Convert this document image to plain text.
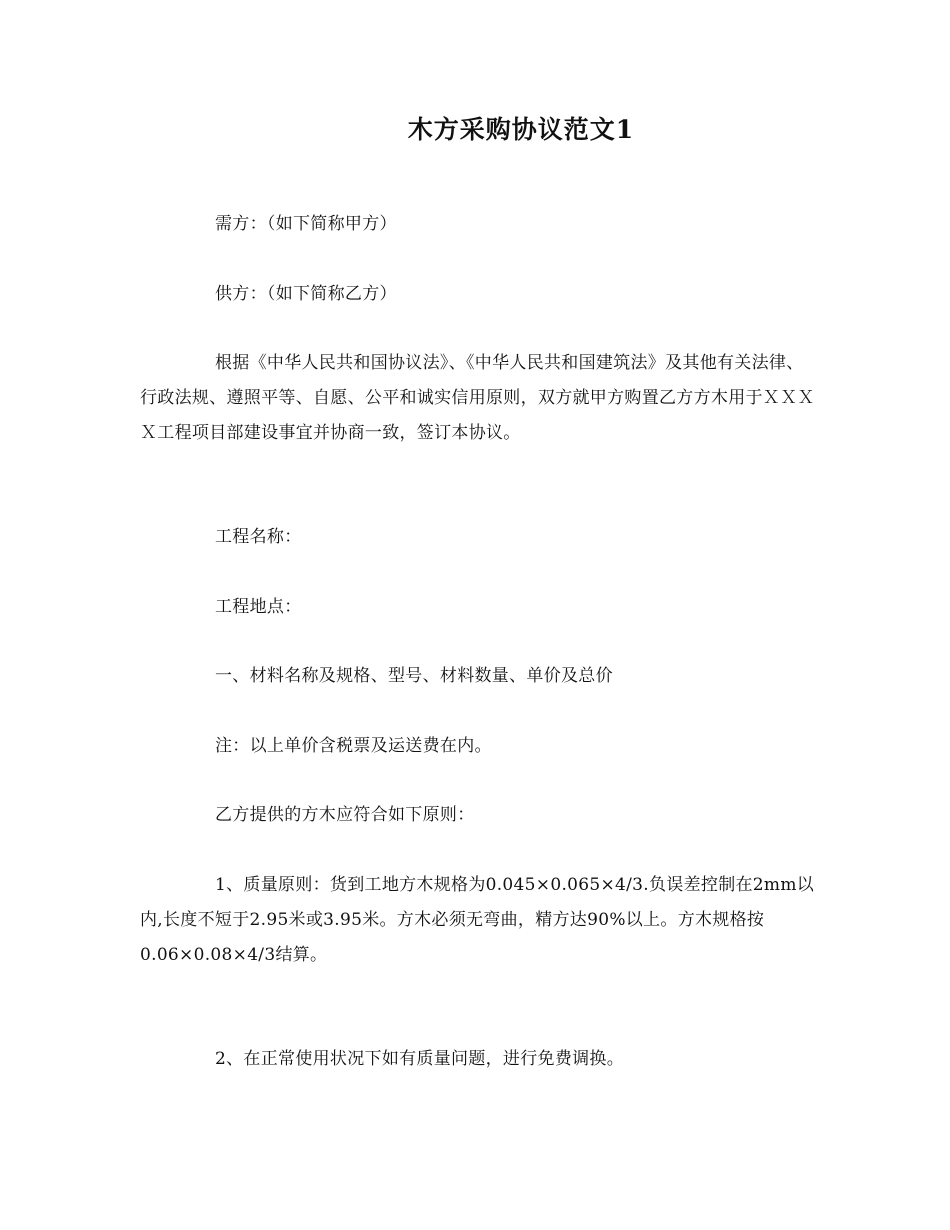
木方采购协议范文1

需方：（如下简称甲方）

供方：（如下简称乙方）

根据《中华人民共和国协议法》、《中华人民共和国建筑法》及其他有关法律、行政法规、遵照平等、自愿、公平和诚实信用原则，双方就甲方购置乙方方木用于ＸＸＸＸ工程项目部建设事宜并协商一致，签订本协议。

工程名称：

工程地点：

一、材料名称及规格、型号、材料数量、单价及总价

注：以上单价含税票及运送费在内。

乙方提供的方木应符合如下原则：

1、质量原则：货到工地方木规格为0.045×0.065×4/3.负误差控制在2mm以内,长度不短于2.95米或3.95米。方木必须无弯曲，精方达90%以上。方木规格按0.06×0.08×4/3结算。

2、在正常使用状况下如有质量问题，进行免费调换。
